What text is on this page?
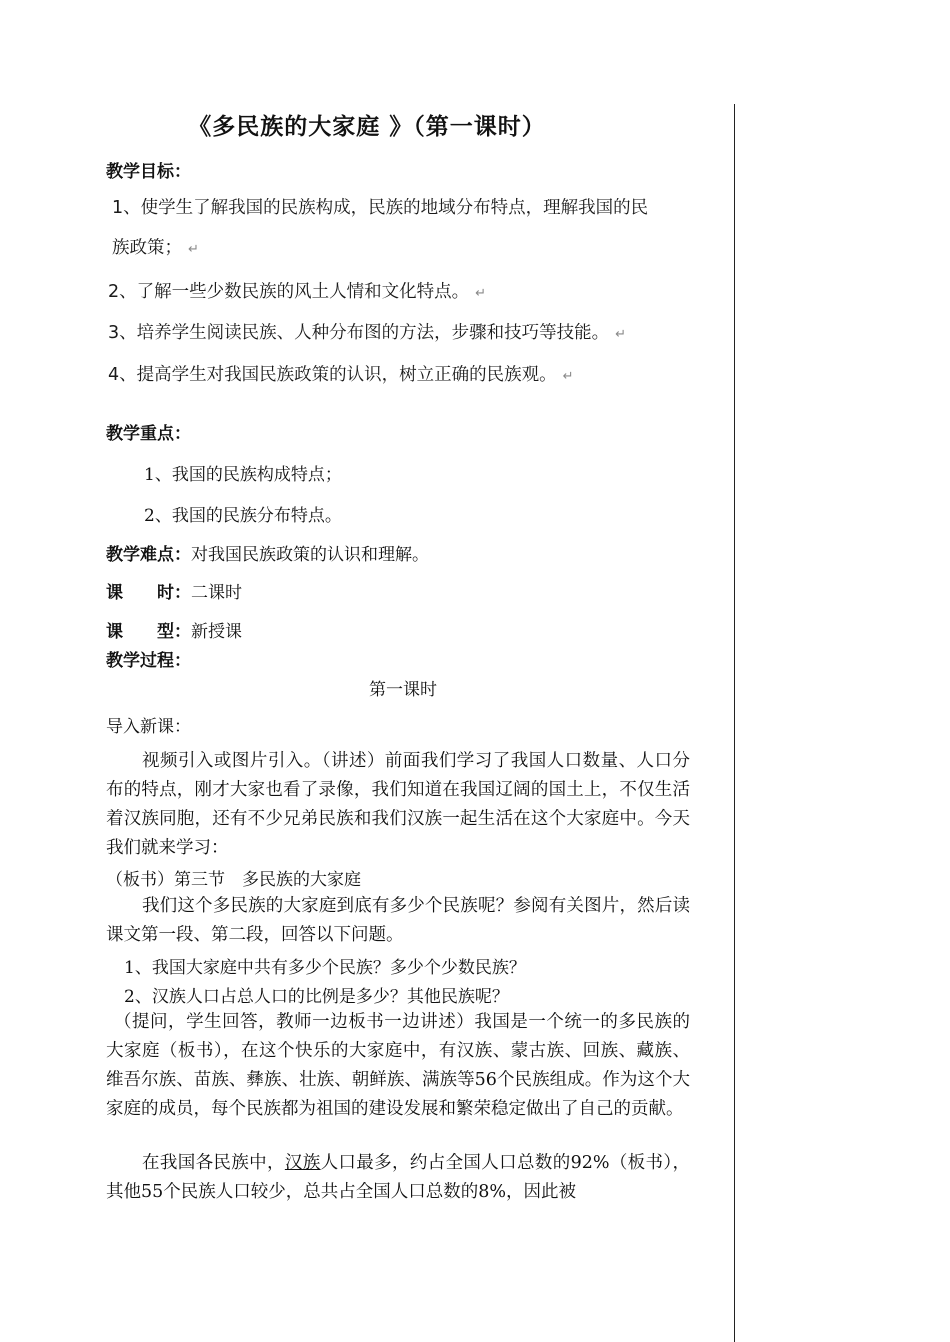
《多民族的大家庭 》（第一课时）
教学目标：
1、使学生了解我国的民族构成，民族的地域分布特点，理解我国的民
族政策； ↵
2、了解一些少数民族的风土人情和文化特点。 ↵
3、培养学生阅读民族、人种分布图的方法，步骤和技巧等技能。 ↵
4、提高学生对我国民族政策的认识，树立正确的民族观。 ↵
教学重点：
1、我国的民族构成特点；
2、我国的民族分布特点。
教学难点：对我国民族政策的认识和理解。
课　　时：二课时
课　　型：新授课
教学过程：
第一课时
导入新课：
视频引入或图片引入。（讲述）前面我们学习了我国人口数量、人口分布的特点，刚才大家也看了录像，我们知道在我国辽阔的国土上，不仅生活着汉族同胞，还有不少兄弟民族和我们汉族一起生活在这个大家庭中。今天我们就来学习：
（板书）第三节　多民族的大家庭
我们这个多民族的大家庭到底有多少个民族呢？参阅有关图片，然后读课文第一段、第二段，回答以下问题。
1、我国大家庭中共有多少个民族？多少个少数民族？
2、汉族人口占总人口的比例是多少？其他民族呢？
（提问，学生回答，教师一边板书一边讲述）我国是一个统一的多民族的大家庭（板书），在这个快乐的大家庭中，有汉族、蒙古族、回族、藏族、维吾尔族、苗族、彝族、壮族、朝鲜族、满族等56个民族组成。作为这个大家庭的成员，每个民族都为祖国的建设发展和繁荣稳定做出了自己的贡献。
在我国各民族中，汉族人口最多，约占全国人口总数的92%（板书），其他55个民族人口较少，总共占全国人口总数的8%，因此被
